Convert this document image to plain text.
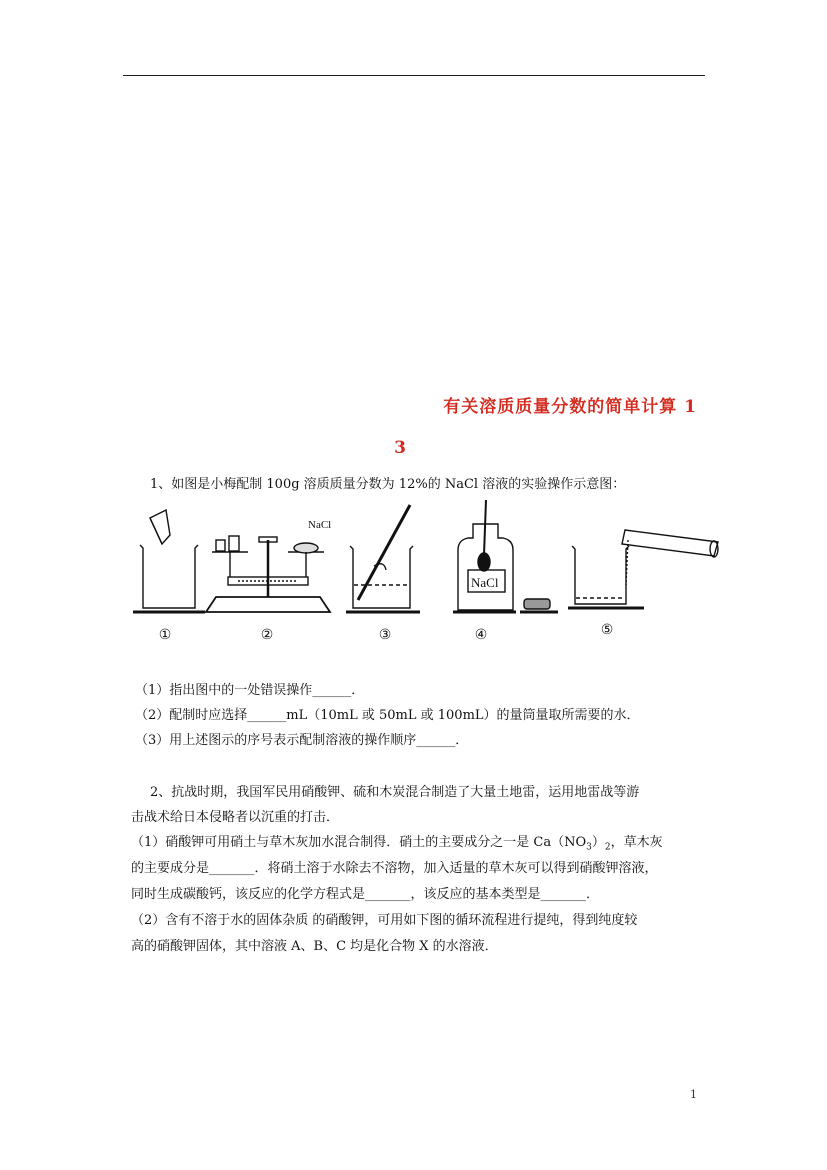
有关溶质质量分数的简单计算 1
3
1、如图是小梅配制 100g 溶质质量分数为 12%的 NaCl 溶液的实验操作示意图：
NaCl
NaCl
①	②	③	④	⑤
（1）指出图中的一处错误操作______．
（2）配制时应选择______mL（10mL 或 50mL 或 100mL）的量筒量取所需要的水．
（3）用上述图示的序号表示配制溶液的操作顺序______．
2、抗战时期，我国军民用硝酸钾、硫和木炭混合制造了大量土地雷，运用地雷战等游
击战术给日本侵略者以沉重的打击．
（1）硝酸钾可用硝土与草木灰加水混合制得．硝土的主要成分之一是 $Ca(NO_3)_2$，草木灰
的主要成分是_______．将硝土溶于水除去不溶物，加入适量的草木灰可以得到硝酸钾溶液，
同时生成碳酸钙，该反应的化学方程式是_______，该反应的基本类型是_______．
（2）含有不溶于水的固体杂质 的硝酸钾，可用如下图的循环流程进行提纯，得到纯度较
高的硝酸钾固体，其中溶液 A、B、C 均是化合物 X 的水溶液．
1
